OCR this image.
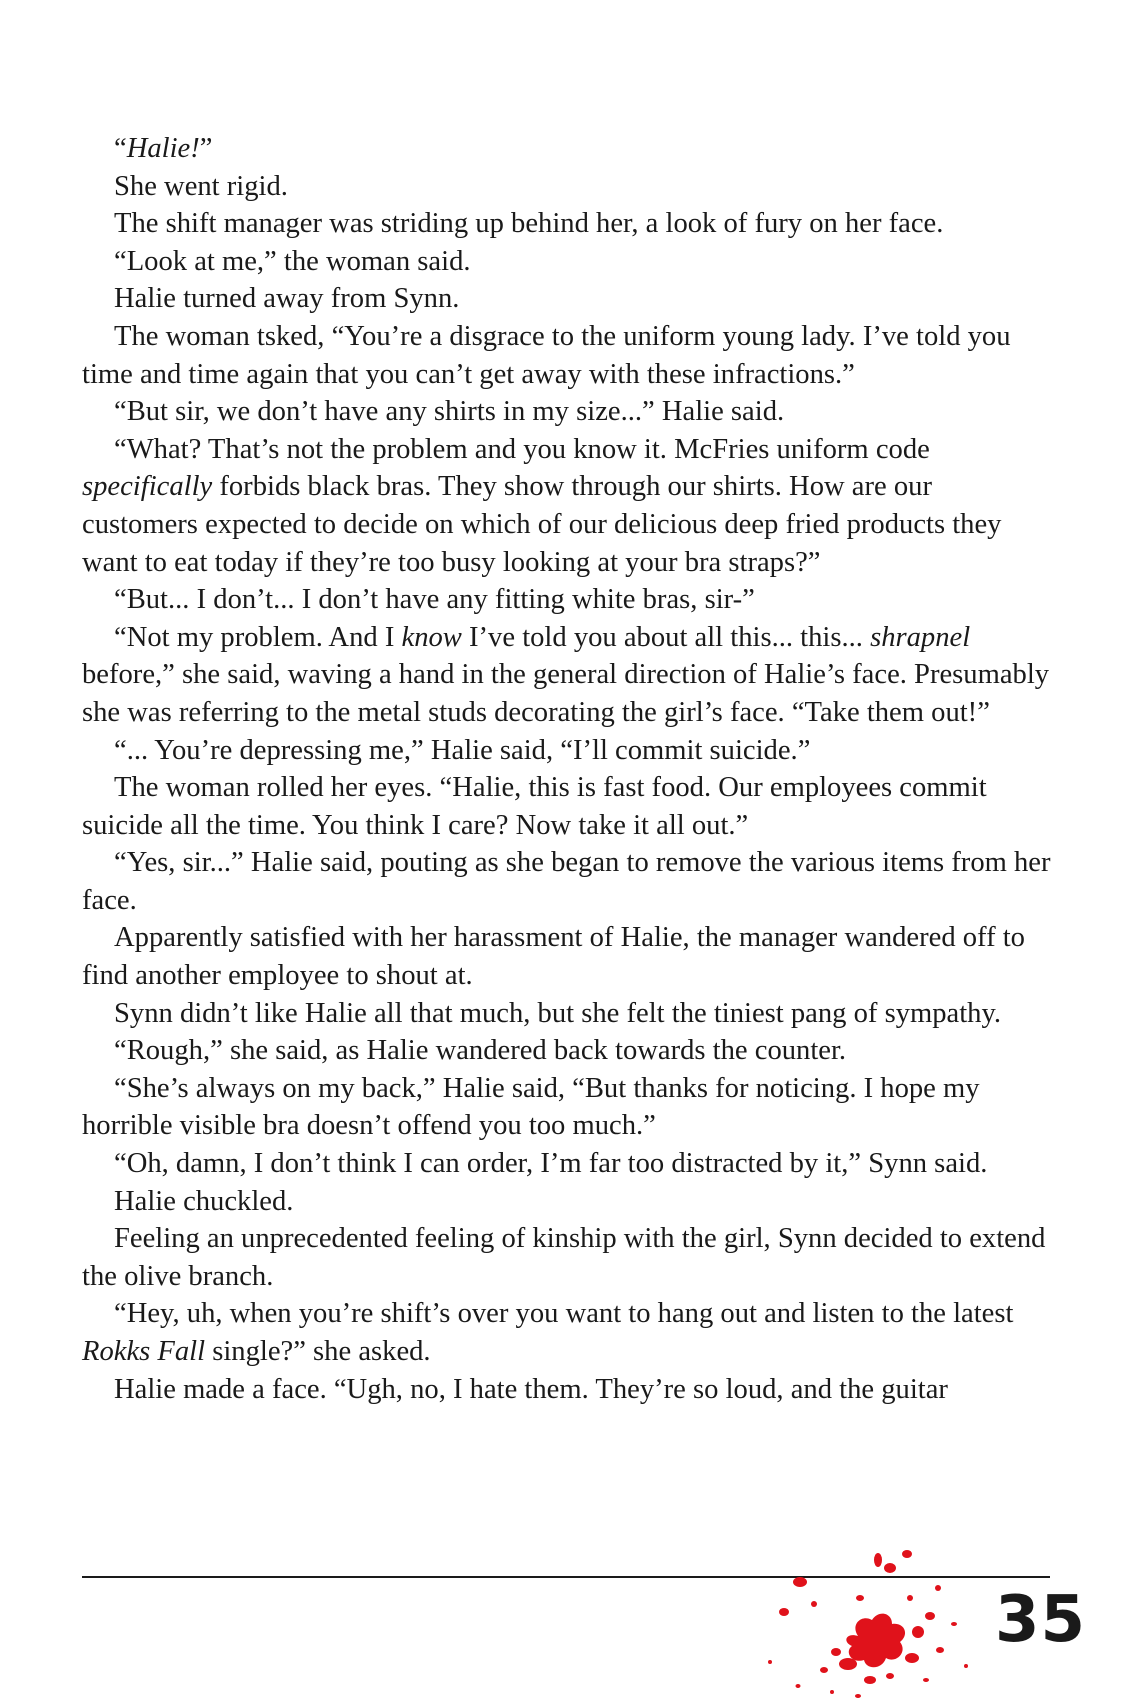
“Halie!”

She went rigid.

The shift manager was striding up behind her, a look of fury on her face.

“Look at me,” the woman said.

Halie turned away from Synn.

The woman tsked, “You’re a disgrace to the uniform young lady. I’ve told you time and time again that you can’t get away with these infractions.”

“But sir, we don’t have any shirts in my size...” Halie said.

“What? That’s not the problem and you know it. McFries uniform code specifically forbids black bras. They show through our shirts. How are our customers expected to decide on which of our delicious deep fried products they want to eat today if they’re too busy looking at your bra straps?”

“But... I don’t... I don’t have any fitting white bras, sir-”

“Not my problem. And I know I’ve told you about all this... this... shrapnel before,” she said, waving a hand in the general direction of Halie’s face. Presumably she was referring to the metal studs decorating the girl’s face. “Take them out!”

“... You’re depressing me,” Halie said, “I’ll commit suicide.”

The woman rolled her eyes. “Halie, this is fast food. Our employees commit suicide all the time. You think I care? Now take it all out.”

“Yes, sir...” Halie said, pouting as she began to remove the various items from her face.

Apparently satisfied with her harassment of Halie, the manager wandered off to find another employee to shout at.

Synn didn’t like Halie all that much, but she felt the tiniest pang of sympathy.

“Rough,” she said, as Halie wandered back towards the counter.

“She’s always on my back,” Halie said, “But thanks for noticing. I hope my horrible visible bra doesn’t offend you too much.”

“Oh, damn, I don’t think I can order, I’m far too distracted by it,” Synn said.

Halie chuckled.

Feeling an unprecedented feeling of kinship with the girl, Synn decided to extend the olive branch.

“Hey, uh, when you’re shift’s over you want to hang out and listen to the latest Rokks Fall single?” she asked.

Halie made a face. “Ugh, no, I hate them. They’re so loud, and the guitar

35
